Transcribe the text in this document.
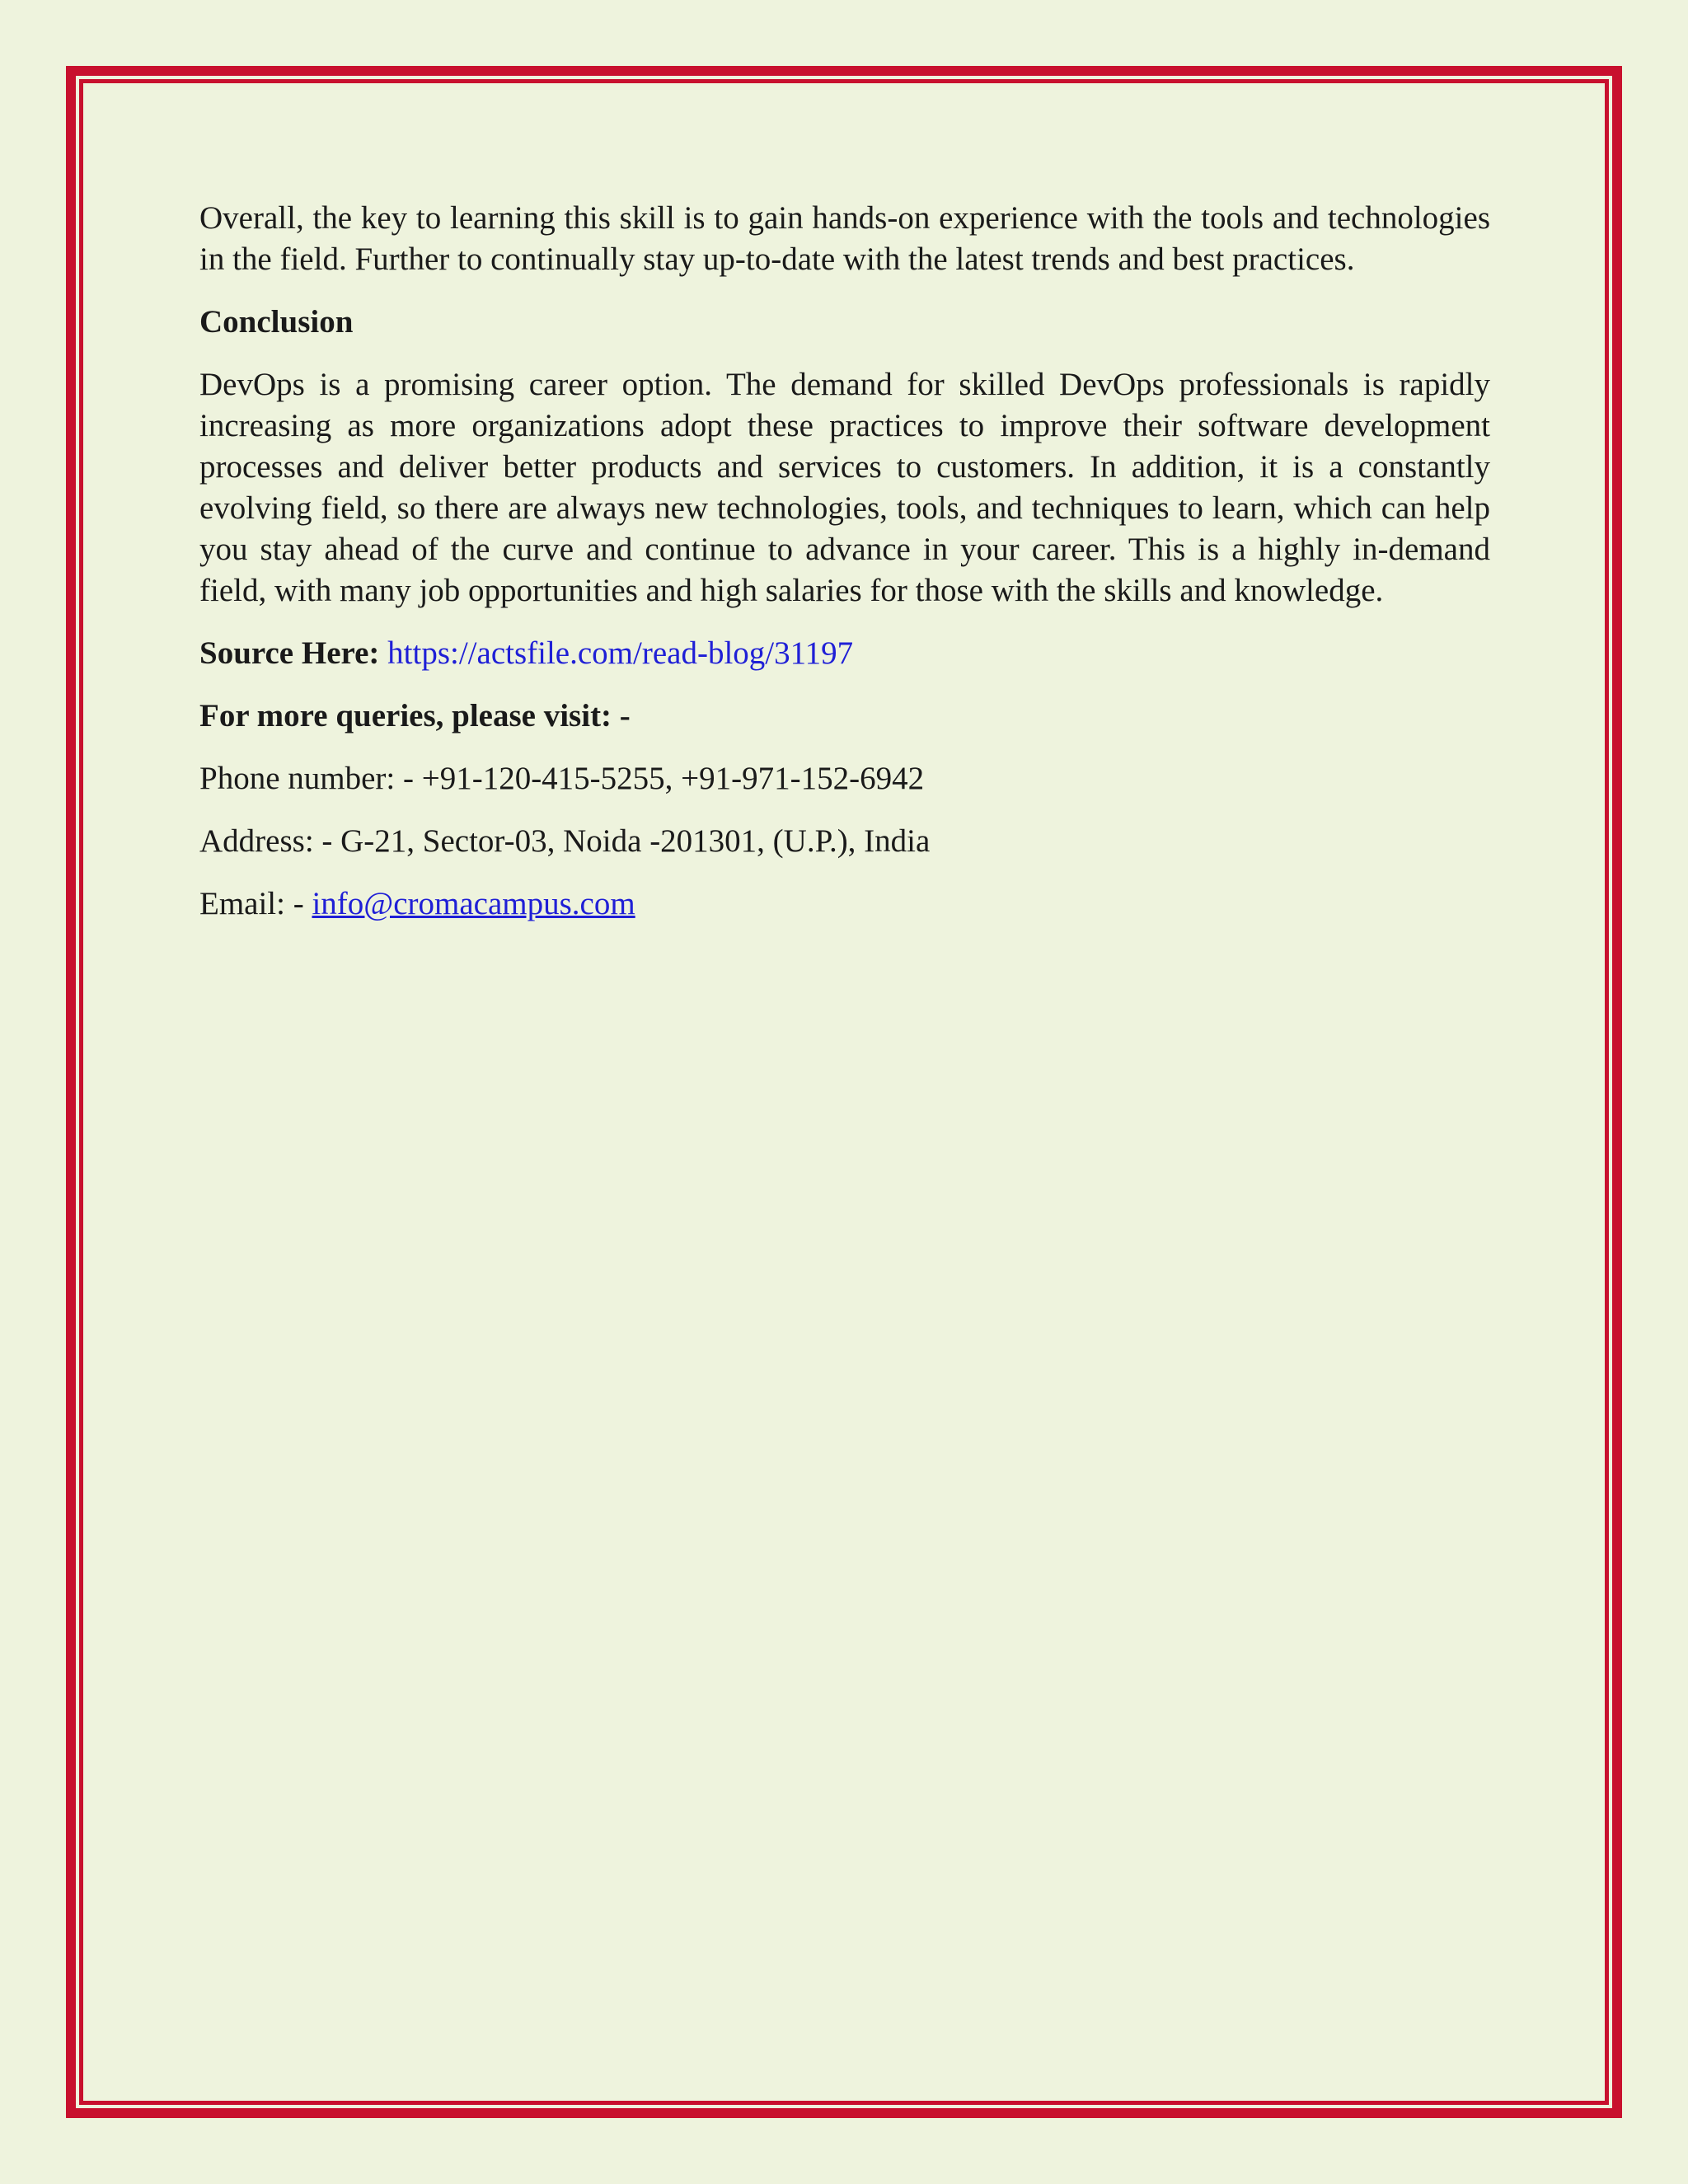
Overall, the key to learning this skill is to gain hands-on experience with the tools and technologies in the field. Further to continually stay up-to-date with the latest trends and best practices.

Conclusion

DevOps is a promising career option. The demand for skilled DevOps professionals is rapidly increasing as more organizations adopt these practices to improve their software development processes and deliver better products and services to customers. In addition, it is a constantly evolving field, so there are always new technologies, tools, and techniques to learn, which can help you stay ahead of the curve and continue to advance in your career. This is a highly in-demand field, with many job opportunities and high salaries for those with the skills and knowledge.

Source Here: https://actsfile.com/read-blog/31197

For more queries, please visit: -

Phone number: - +91-120-415-5255, +91-971-152-6942

Address: - G-21, Sector-03, Noida -201301, (U.P.), India

Email: - info@cromacampus.com
